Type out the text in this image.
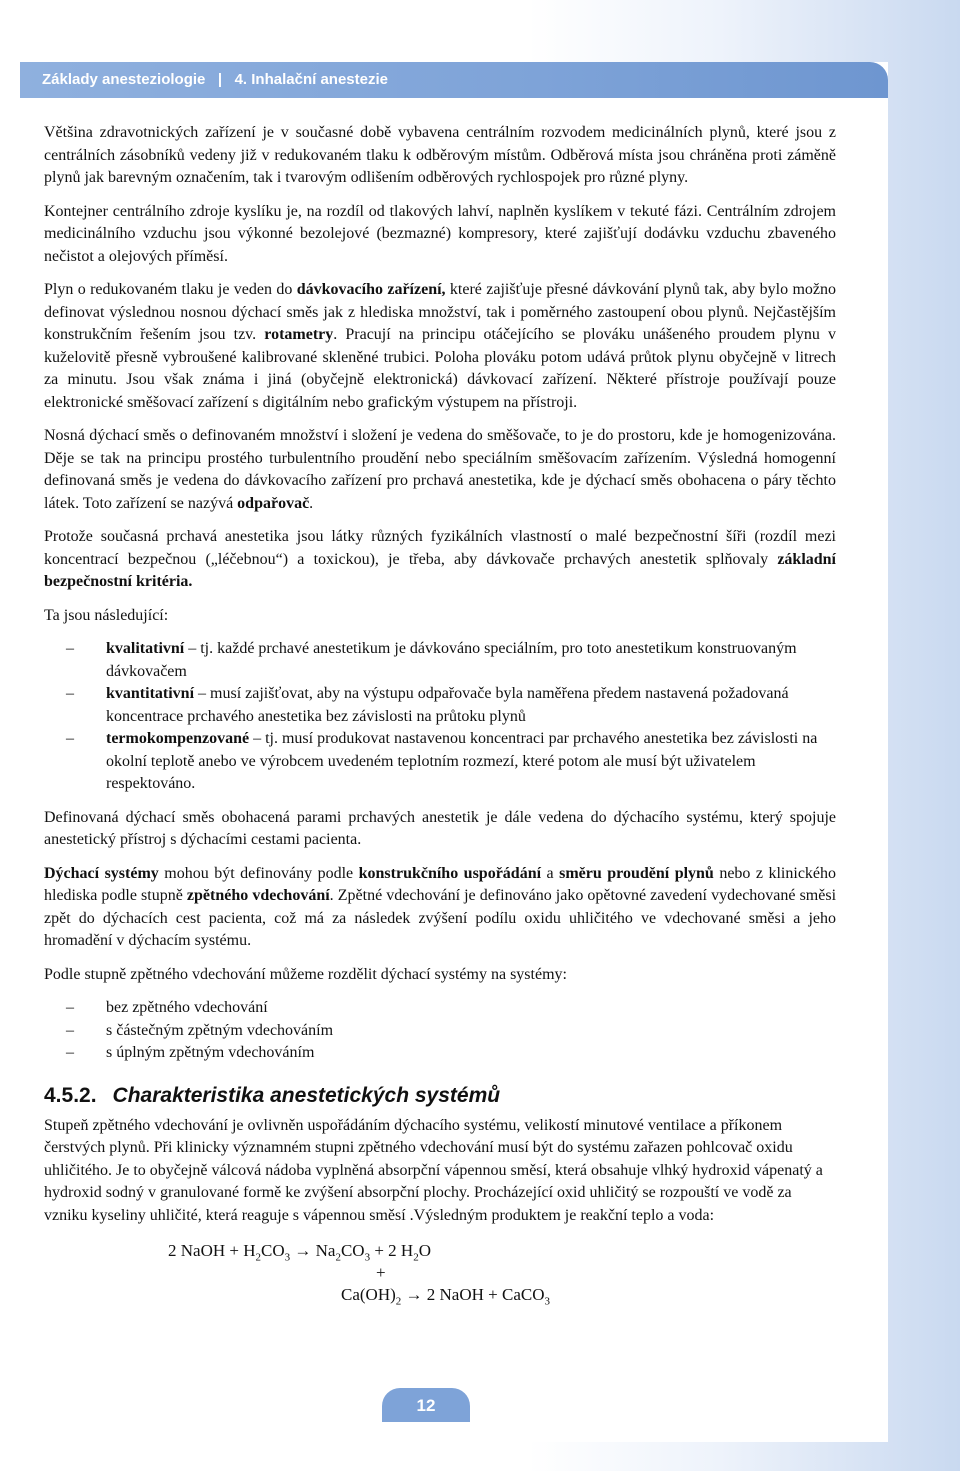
Základy anesteziologie   |   4. Inhalační anestezie

Většina zdravotnických zařízení je v současné době vybavena centrálním rozvodem medicinálních plynů, které jsou z centrálních zásobníků vedeny již v redukovaném tlaku k odběrovým místům. Odběrová místa jsou chráněna proti záměně plynů jak barevným označením, tak i tvarovým odlišením odběrových rychlospojek pro různé plyny.

Kontejner centrálního zdroje kyslíku je, na rozdíl od tlakových lahví, naplněn kyslíkem v tekuté fázi. Centrálním zdrojem medicinálního vzduchu jsou výkonné bezolejové (bezmazné) kompresory, které zajišťují dodávku vzduchu zbaveného nečistot a olejových příměsí.

Plyn o redukovaném tlaku je veden do dávkovacího zařízení, které zajišťuje přesné dávkování plynů tak, aby bylo možno definovat výslednou nosnou dýchací směs jak z hlediska množství, tak i poměrného zastoupení obou plynů. Nejčastějším konstrukčním řešením jsou tzv. rotametry. Pracují na principu otáčejícího se plováku unášeného proudem plynu v kuželovitě přesně vybroušené kalibrované skleněné trubici. Poloha plováku potom udává průtok plynu obyčejně v litrech za minutu. Jsou však známa i jiná (obyčejně elektronická) dávkovací zařízení. Některé přístroje používají pouze elektronické směšovací zařízení s digitálním nebo grafickým výstupem na přístroji.

Nosná dýchací směs o definovaném množství i složení je vedena do směšovače, to je do prostoru, kde je homogenizována. Děje se tak na principu prostého turbulentního proudění nebo speciálním směšovacím zařízením. Výsledná homogenní definovaná směs je vedena do dávkovacího zařízení pro prchavá anestetika, kde je dýchací směs obohacena o páry těchto látek. Toto zařízení se nazývá odpařovač.

Protože současná prchavá anestetika jsou látky různých fyzikálních vlastností o malé bezpečnostní šíři (rozdíl mezi koncentrací bezpečnou („léčebnou“) a toxickou), je třeba, aby dávkovače prchavých anestetik splňovaly základní bezpečnostní kritéria.

Ta jsou následující:

– kvalitativní – tj. každé prchavé anestetikum je dávkováno speciálním, pro toto anestetikum konstruovaným dávkovačem
– kvantitativní – musí zajišťovat, aby na výstupu odpařovače byla naměřena předem nastavená požadovaná koncentrace prchavého anestetika bez závislosti na průtoku plynů
– termokompenzované – tj. musí produkovat nastavenou koncentraci par prchavého anestetika bez závislosti na okolní teplotě anebo ve výrobcem uvedeném teplotním rozmezí, které potom ale musí být uživatelem respektováno.

Definovaná dýchací směs obohacená parami prchavých anestetik je dále vedena do dýchacího systému, který spojuje anestetický přístroj s dýchacími cestami pacienta.

Dýchací systémy mohou být definovány podle konstrukčního uspořádání a směru proudění plynů nebo z klinického hlediska podle stupně zpětného vdechování. Zpětné vdechování je definováno jako opětovné zavedení vydechované směsi zpět do dýchacích cest pacienta, což má za následek zvýšení podílu oxidu uhličitého ve vdechované směsi a jeho hromadění v dýchacím systému.

Podle stupně zpětného vdechování můžeme rozdělit dýchací systémy na systémy:

– bez zpětného vdechování
– s částečným zpětným vdechováním
– s úplným zpětným vdechováním
4.5.2. Charakteristika anestetických systémů

Stupeň zpětného vdechování je ovlivněn uspořádáním dýchacího systému, velikostí minutové ventilace a příkonem čerstvých plynů. Při klinicky významném stupni zpětného vdechování musí být do systému zařazen pohlcovač oxidu uhličitého. Je to obyčejně válcová nádoba vyplněná absorpční vápennou směsí, která obsahuje vlhký hydroxid vápenatý a hydroxid sodný v granulované formě ke zvýšení absorpční plochy. Procházející oxid uhličitý se rozpouští ve vodě za vzniku kyseliny uhličité, která reaguje s vápennou směsí .Výsledným produktem je reakční teplo a voda:

2 NaOH + $H_2CO_3 \to Na_2CO_3 + 2$ $H_2O$
+
$Ca(OH)_2 \to 2$ NaOH + CaCO$_3$
12
